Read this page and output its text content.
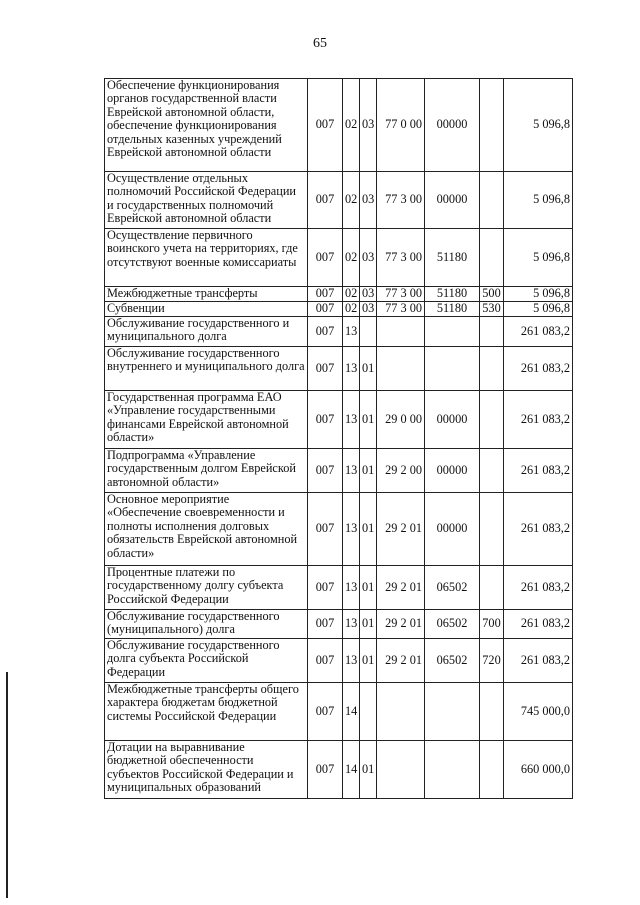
65
Обеспечение функционирования органов государственной власти Еврейской автономной области, обеспечение функционирования отдельных казенных учреждений Еврейской автономной области	007	02	03	77 0 00	00000		5 096,8
Осуществление отдельных полномочий Российской Федерации и государственных полномочий Еврейской автономной области	007	02	03	77 3 00	00000		5 096,8
Осуществление первичного воинского учета на территориях, где отсутствуют военные комиссариаты	007	02	03	77 3 00	51180		5 096,8
Межбюджетные трансферты	007	02	03	77 3 00	51180	500	5 096,8
Субвенции	007	02	03	77 3 00	51180	530	5 096,8
Обслуживание государственного и муниципального долга	007	13					261 083,2
Обслуживание государственного внутреннего и муниципального долга	007	13	01				261 083,2
Государственная программа ЕАО «Управление государственными финансами Еврейской автономной области»	007	13	01	29 0 00	00000		261 083,2
Подпрограмма «Управление государственным долгом Еврейской автономной области»	007	13	01	29 2 00	00000		261 083,2
Основное мероприятие «Обеспечение своевременности и полноты исполнения долговых обязательств Еврейской автономной области»	007	13	01	29 2 01	00000		261 083,2
Процентные платежи по государственному долгу субъекта Российской Федерации	007	13	01	29 2 01	06502		261 083,2
Обслуживание государственного (муниципального) долга	007	13	01	29 2 01	06502	700	261 083,2
Обслуживание государственного долга субъекта Российской Федерации	007	13	01	29 2 01	06502	720	261 083,2
Межбюджетные трансферты общего характера бюджетам бюджетной системы Российской Федерации	007	14					745 000,0
Дотации на выравнивание бюджетной обеспеченности субъектов Российской Федерации и муниципальных образований	007	14	01				660 000,0
